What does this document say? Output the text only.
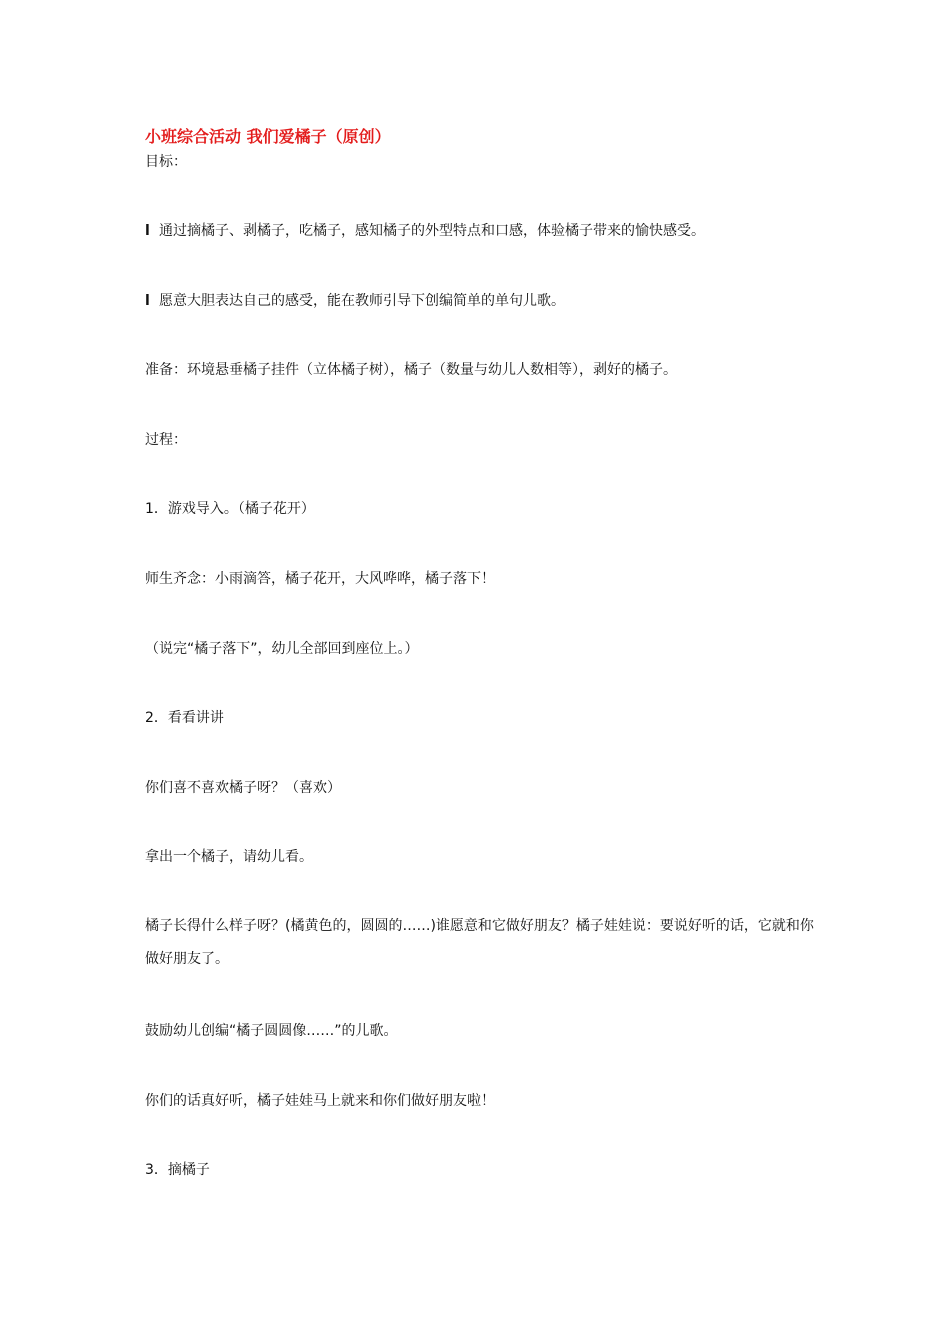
小班综合活动 我们爱橘子（原创）
目标：
l 通过摘橘子、剥橘子，吃橘子，感知橘子的外型特点和口感，体验橘子带来的愉快感受。
l 愿意大胆表达自己的感受，能在教师引导下创编简单的单句儿歌。
准备：环境悬垂橘子挂件（立体橘子树），橘子（数量与幼儿人数相等），剥好的橘子。
过程：
1．游戏导入。（橘子花开）
师生齐念：小雨滴答，橘子花开，大风哗哗，橘子落下！
（说完“橘子落下”，幼儿全部回到座位上。）
2．看看讲讲
你们喜不喜欢橘子呀？（喜欢）
拿出一个橘子，请幼儿看。
橘子长得什么样子呀？(橘黄色的，圆圆的……)谁愿意和它做好朋友？橘子娃娃说：要说好听的话，它就和你做好朋友了。
鼓励幼儿创编“橘子圆圆像……”的儿歌。
你们的话真好听，橘子娃娃马上就来和你们做好朋友啦！
3．摘橘子
